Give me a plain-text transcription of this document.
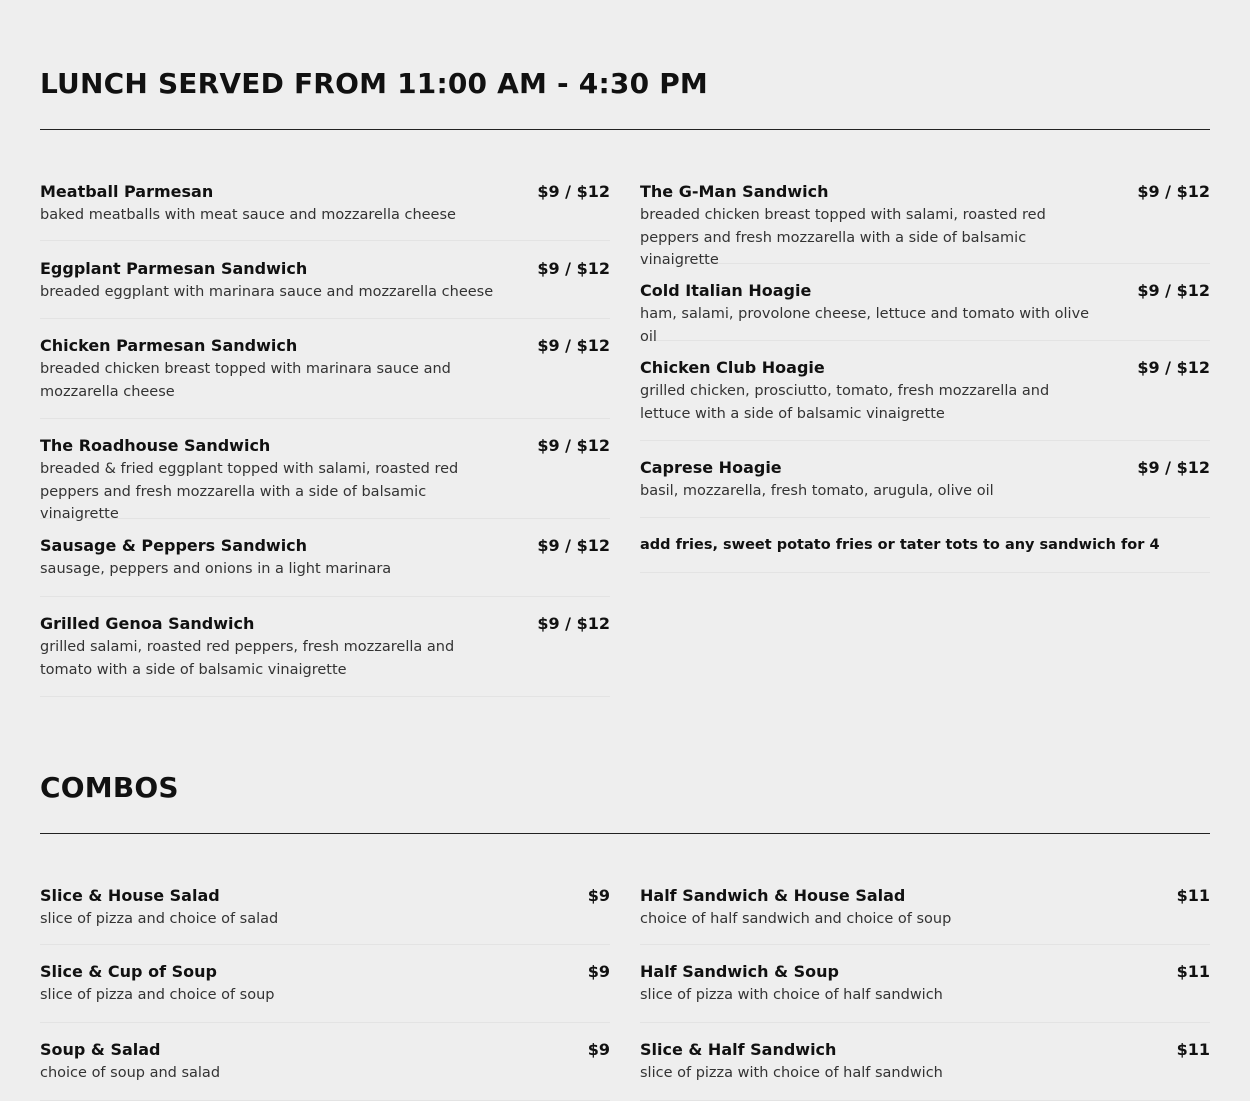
LUNCH SERVED FROM 11:00 AM - 4:30 PM
Meatball Parmesan	$9 / $12
baked meatballs with meat sauce and mozzarella cheese
Eggplant Parmesan Sandwich	$9 / $12
breaded eggplant with marinara sauce and mozzarella cheese
Chicken Parmesan Sandwich	$9 / $12
breaded chicken breast topped with marinara sauce and mozzarella cheese
The Roadhouse Sandwich	$9 / $12
breaded & fried eggplant topped with salami, roasted red peppers and fresh mozzarella with a side of balsamic vinaigrette
Sausage & Peppers Sandwich	$9 / $12
sausage, peppers and onions in a light marinara
Grilled Genoa Sandwich	$9 / $12
grilled salami, roasted red peppers, fresh mozzarella and tomato with a side of balsamic vinaigrette
The G-Man Sandwich	$9 / $12
breaded chicken breast topped with salami, roasted red peppers and fresh mozzarella with a side of balsamic vinaigrette
Cold Italian Hoagie	$9 / $12
ham, salami, provolone cheese, lettuce and tomato with olive oil
Chicken Club Hoagie	$9 / $12
grilled chicken, prosciutto, tomato, fresh mozzarella and lettuce with a side of balsamic vinaigrette
Caprese Hoagie	$9 / $12
basil, mozzarella, fresh tomato, arugula, olive oil
add fries, sweet potato fries or tater tots to any sandwich for 4
COMBOS
Slice & House Salad	$9
slice of pizza and choice of salad
Slice & Cup of Soup	$9
slice of pizza and choice of soup
Soup & Salad	$9
choice of soup and salad
Half Sandwich & House Salad	$11
choice of half sandwich and choice of soup
Half Sandwich & Soup	$11
slice of pizza with choice of half sandwich
Slice & Half Sandwich	$11
slice of pizza with choice of half sandwich
